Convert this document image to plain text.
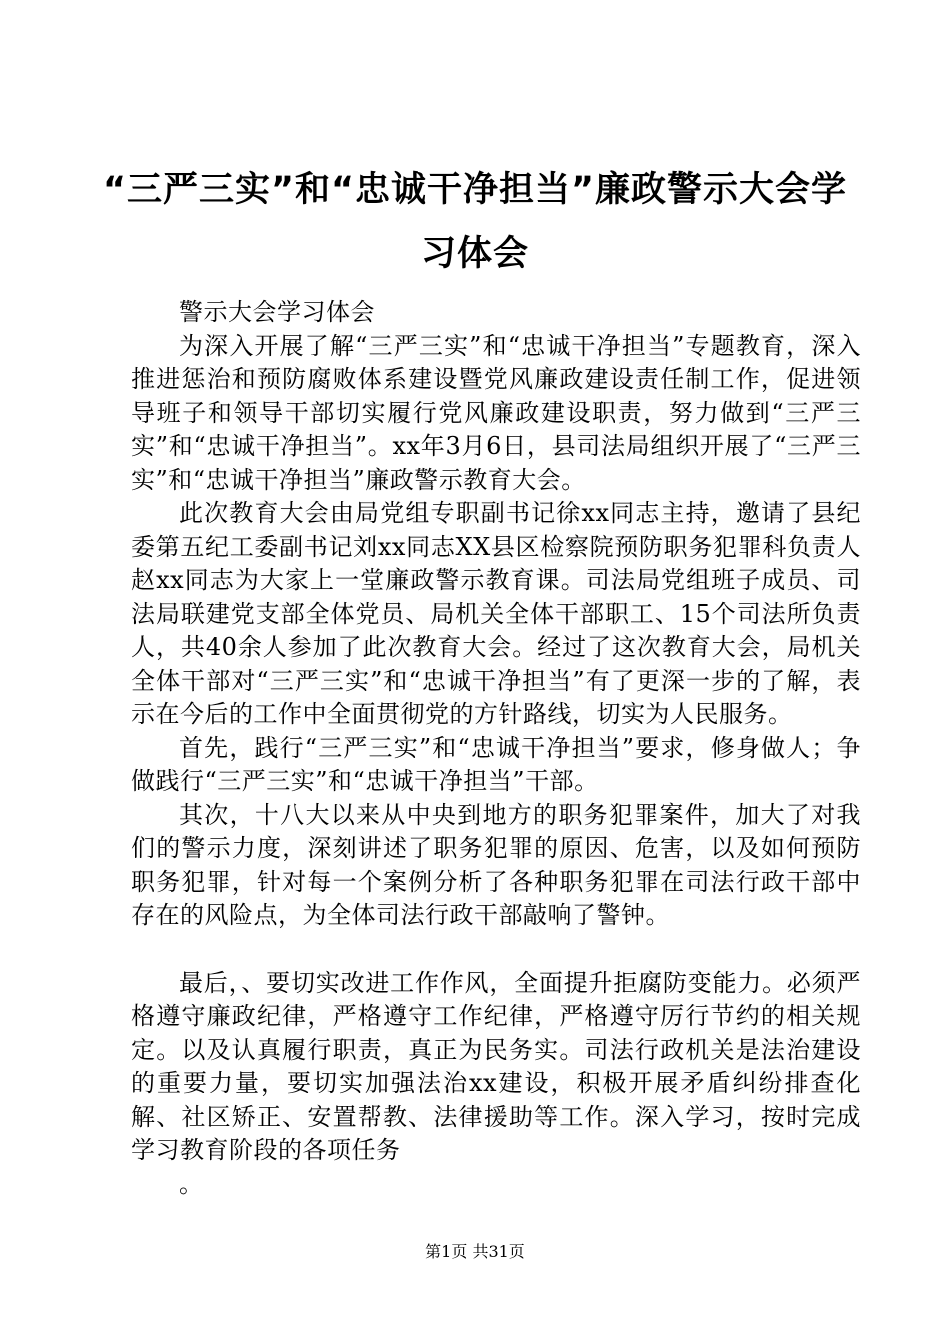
“三严三实”和“忠诚干净担当”廉政警示大会学习体会

警示大会学习体会

为深入开展了解“三严三实”和“忠诚干净担当”专题教育，深入推进惩治和预防腐败体系建设暨党风廉政建设责任制工作，促进领导班子和领导干部切实履行党风廉政建设职责，努力做到“三严三实”和“忠诚干净担当”。xx年3月6日，县司法局组织开展了“三严三实”和“忠诚干净担当”廉政警示教育大会。

此次教育大会由局党组专职副书记徐xx同志主持，邀请了县纪委第五纪工委副书记刘xx同志XX县区检察院预防职务犯罪科负责人赵xx同志为大家上一堂廉政警示教育课。司法局党组班子成员、司法局联建党支部全体党员、局机关全体干部职工、15个司法所负责人，共40余人参加了此次教育大会。经过了这次教育大会，局机关全体干部对“三严三实”和“忠诚干净担当”有了更深一步的了解，表示在今后的工作中全面贯彻党的方针路线，切实为人民服务。

首先，践行“三严三实”和“忠诚干净担当”要求，修身做人；争做践行“三严三实”和“忠诚干净担当”干部。

其次，十八大以来从中央到地方的职务犯罪案件，加大了对我们的警示力度，深刻讲述了职务犯罪的原因、危害，以及如何预防职务犯罪，针对每一个案例分析了各种职务犯罪在司法行政干部中存在的风险点，为全体司法行政干部敲响了警钟。

最后，、要切实改进工作作风，全面提升拒腐防变能力。必须严格遵守廉政纪律，严格遵守工作纪律，严格遵守厉行节约的相关规定。以及认真履行职责，真正为民务实。司法行政机关是法治建设的重要力量，要切实加强法治xx建设，积极开展矛盾纠纷排查化解、社区矫正、安置帮教、法律援助等工作。深入学习，按时完成学习教育阶段的各项任务

。

第1页 共31页
